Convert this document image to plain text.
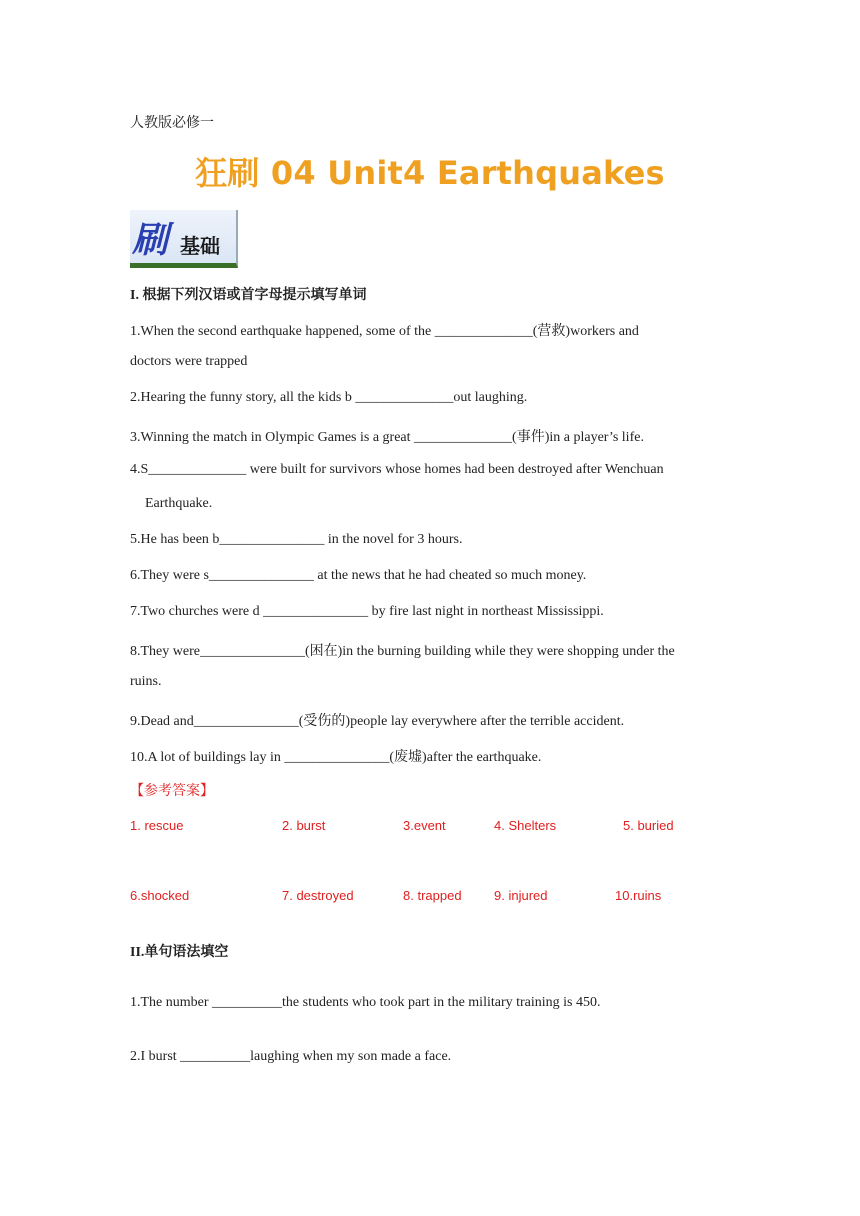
人教版必修一
狂刷 04 Unit4 Earthquakes
刷 基础
I. 根据下列汉语或首字母提示填写单词
1.When the second earthquake happened, some of the ______________(营救)workers and
doctors were trapped
2.Hearing the funny story, all the kids b ______________out laughing.
3.Winning the match in Olympic Games is a great ______________(事件)in a player’s life.
4.S______________ were built for survivors whose homes had been destroyed after Wenchuan
Earthquake.
5.He has been b_______________ in the novel for 3 hours.
6.They were s_______________ at the news that he had cheated so much money.
7.Two churches were d _______________ by fire last night in northeast Mississippi.
8.They were_______________(困在)in the burning building while they were shopping under the
ruins.
9.Dead and_______________(受伤的)people lay everywhere after the terrible accident.
10.A lot of buildings lay in _______________(废墟)after the earthquake.
【参考答案】
1. rescue	2. burst	3.event	4. Shelters	5. buried
6.shocked	7. destroyed	8. trapped 9. injured	10.ruins
II.单句语法填空
1.The number __________the students who took part in the military training is 450.
2.I burst __________laughing when my son made a face.
